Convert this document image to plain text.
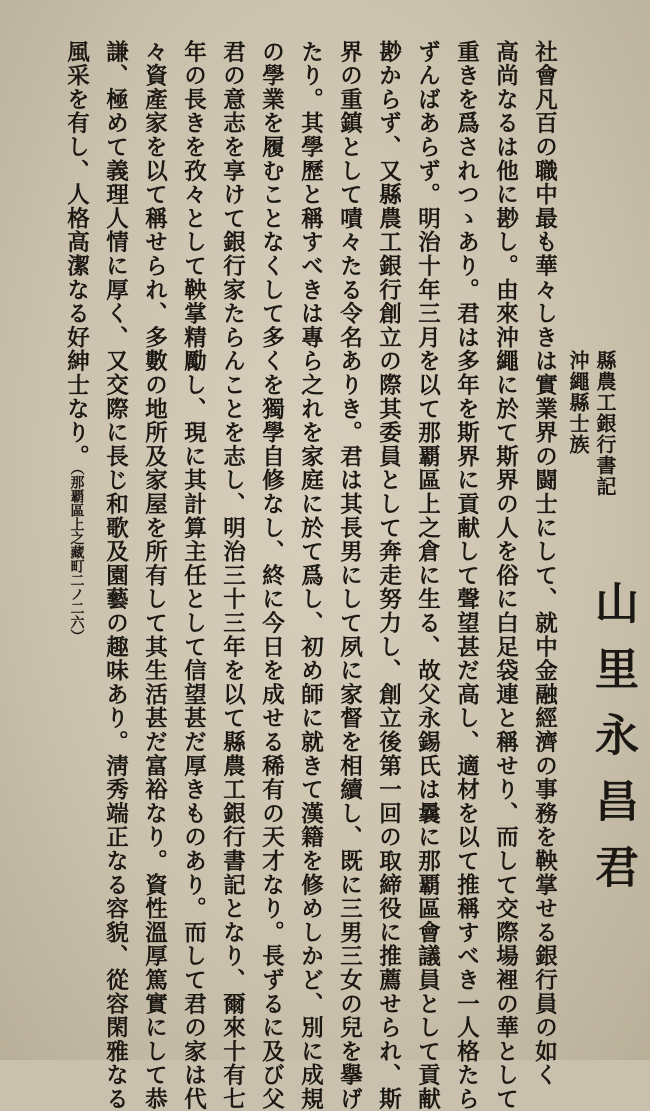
山里永昌君
縣農工銀行書記
沖繩縣士族
社會凡百の職中最も華々しきは實業界の闘士にして、就中金融經濟の事務を鞅掌せる銀行員の如く
高尚なるは他に尠し。由來沖繩に於て斯界の人を俗に白足袋連と稱せり、而して交際場裡の華として
重きを爲されつゝあり。君は多年を斯界に貢献して聲望甚だ高し、適材を以て推稱すべき一人格たら
ずんばあらず。明治十年三月を以て那覇區上之倉に生る、故父永錫氏は曩に那覇區會議員として貢献
尠からず、又縣農工銀行創立の際其委員として奔走努力し、創立後第一回の取締役に推薦せられ、斯
界の重鎮として嘖々たる令名ありき。君は其長男にして夙に家督を相續し、既に三男三女の兒を擧げ
たり。其學歷と稱すべきは專ら之れを家庭に於て爲し、初め師に就きて漢籍を修めしかど、別に成規
の學業を履むことなくして多くを獨學自修なし、終に今日を成せる稀有の天才なり。長ずるに及び父
君の意志を享けて銀行家たらんことを志し、明治三十三年を以て縣農工銀行書記となり、爾來十有七
年の長きを孜々として鞅掌精勵し、現に其計算主任として信望甚だ厚きものあり。而して君の家は代
々資產家を以て稱せられ、多數の地所及家屋を所有して其生活甚だ富裕なり。資性溫厚篤實にして恭
謙、極めて義理人情に厚く、又交際に長じ和歌及園藝の趣味あり。淸秀端正なる容貌、從容閑雅なる
風采を有し、人格高潔なる好紳士なり。（那覇區上之藏町二ノ二六）
